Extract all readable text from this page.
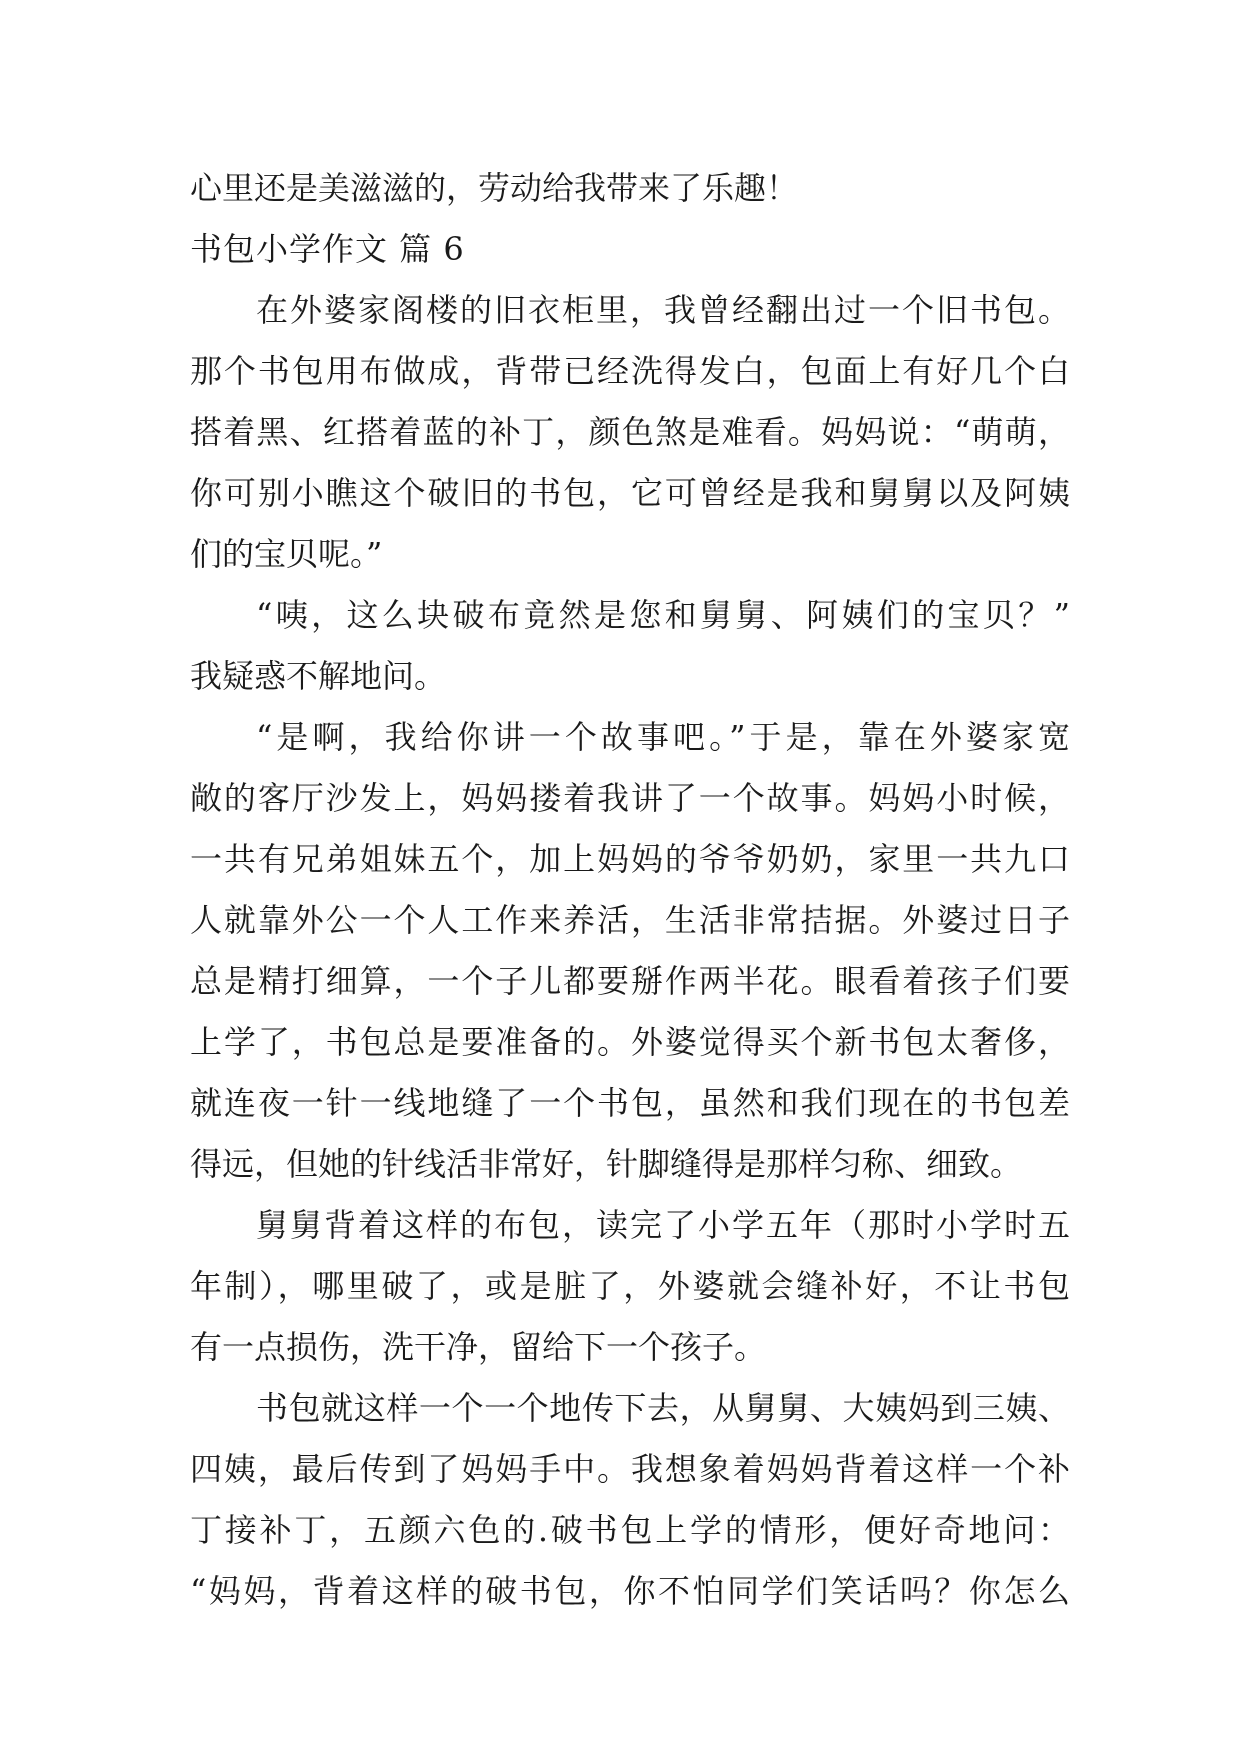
心里还是美滋滋的，劳动给我带来了乐趣！
书包小学作文 篇 6
在外婆家阁楼的旧衣柜里，我曾经翻出过一个旧书包。
那个书包用布做成，背带已经洗得发白，包面上有好几个白
搭着黑、红搭着蓝的补丁，颜色煞是难看。妈妈说：“萌萌，
你可别小瞧这个破旧的书包，它可曾经是我和舅舅以及阿姨
们的宝贝呢。”
“咦，这么块破布竟然是您和舅舅、阿姨们的宝贝？”
我疑惑不解地问。
“是啊，我给你讲一个故事吧。”于是，靠在外婆家宽
敞的客厅沙发上，妈妈搂着我讲了一个故事。妈妈小时候，
一共有兄弟姐妹五个，加上妈妈的爷爷奶奶，家里一共九口
人就靠外公一个人工作来养活，生活非常拮据。外婆过日子
总是精打细算，一个子儿都要掰作两半花。眼看着孩子们要
上学了，书包总是要准备的。外婆觉得买个新书包太奢侈，
就连夜一针一线地缝了一个书包，虽然和我们现在的书包差
得远，但她的针线活非常好，针脚缝得是那样匀称、细致。
舅舅背着这样的布包，读完了小学五年（那时小学时五
年制），哪里破了，或是脏了，外婆就会缝补好，不让书包
有一点损伤，洗干净，留给下一个孩子。
书包就这样一个一个地传下去，从舅舅、大姨妈到三姨、
四姨，最后传到了妈妈手中。我想象着妈妈背着这样一个补
丁接补丁，五颜六色的.破书包上学的情形，便好奇地问：
“妈妈，背着这样的破书包，你不怕同学们笑话吗？你怎么
